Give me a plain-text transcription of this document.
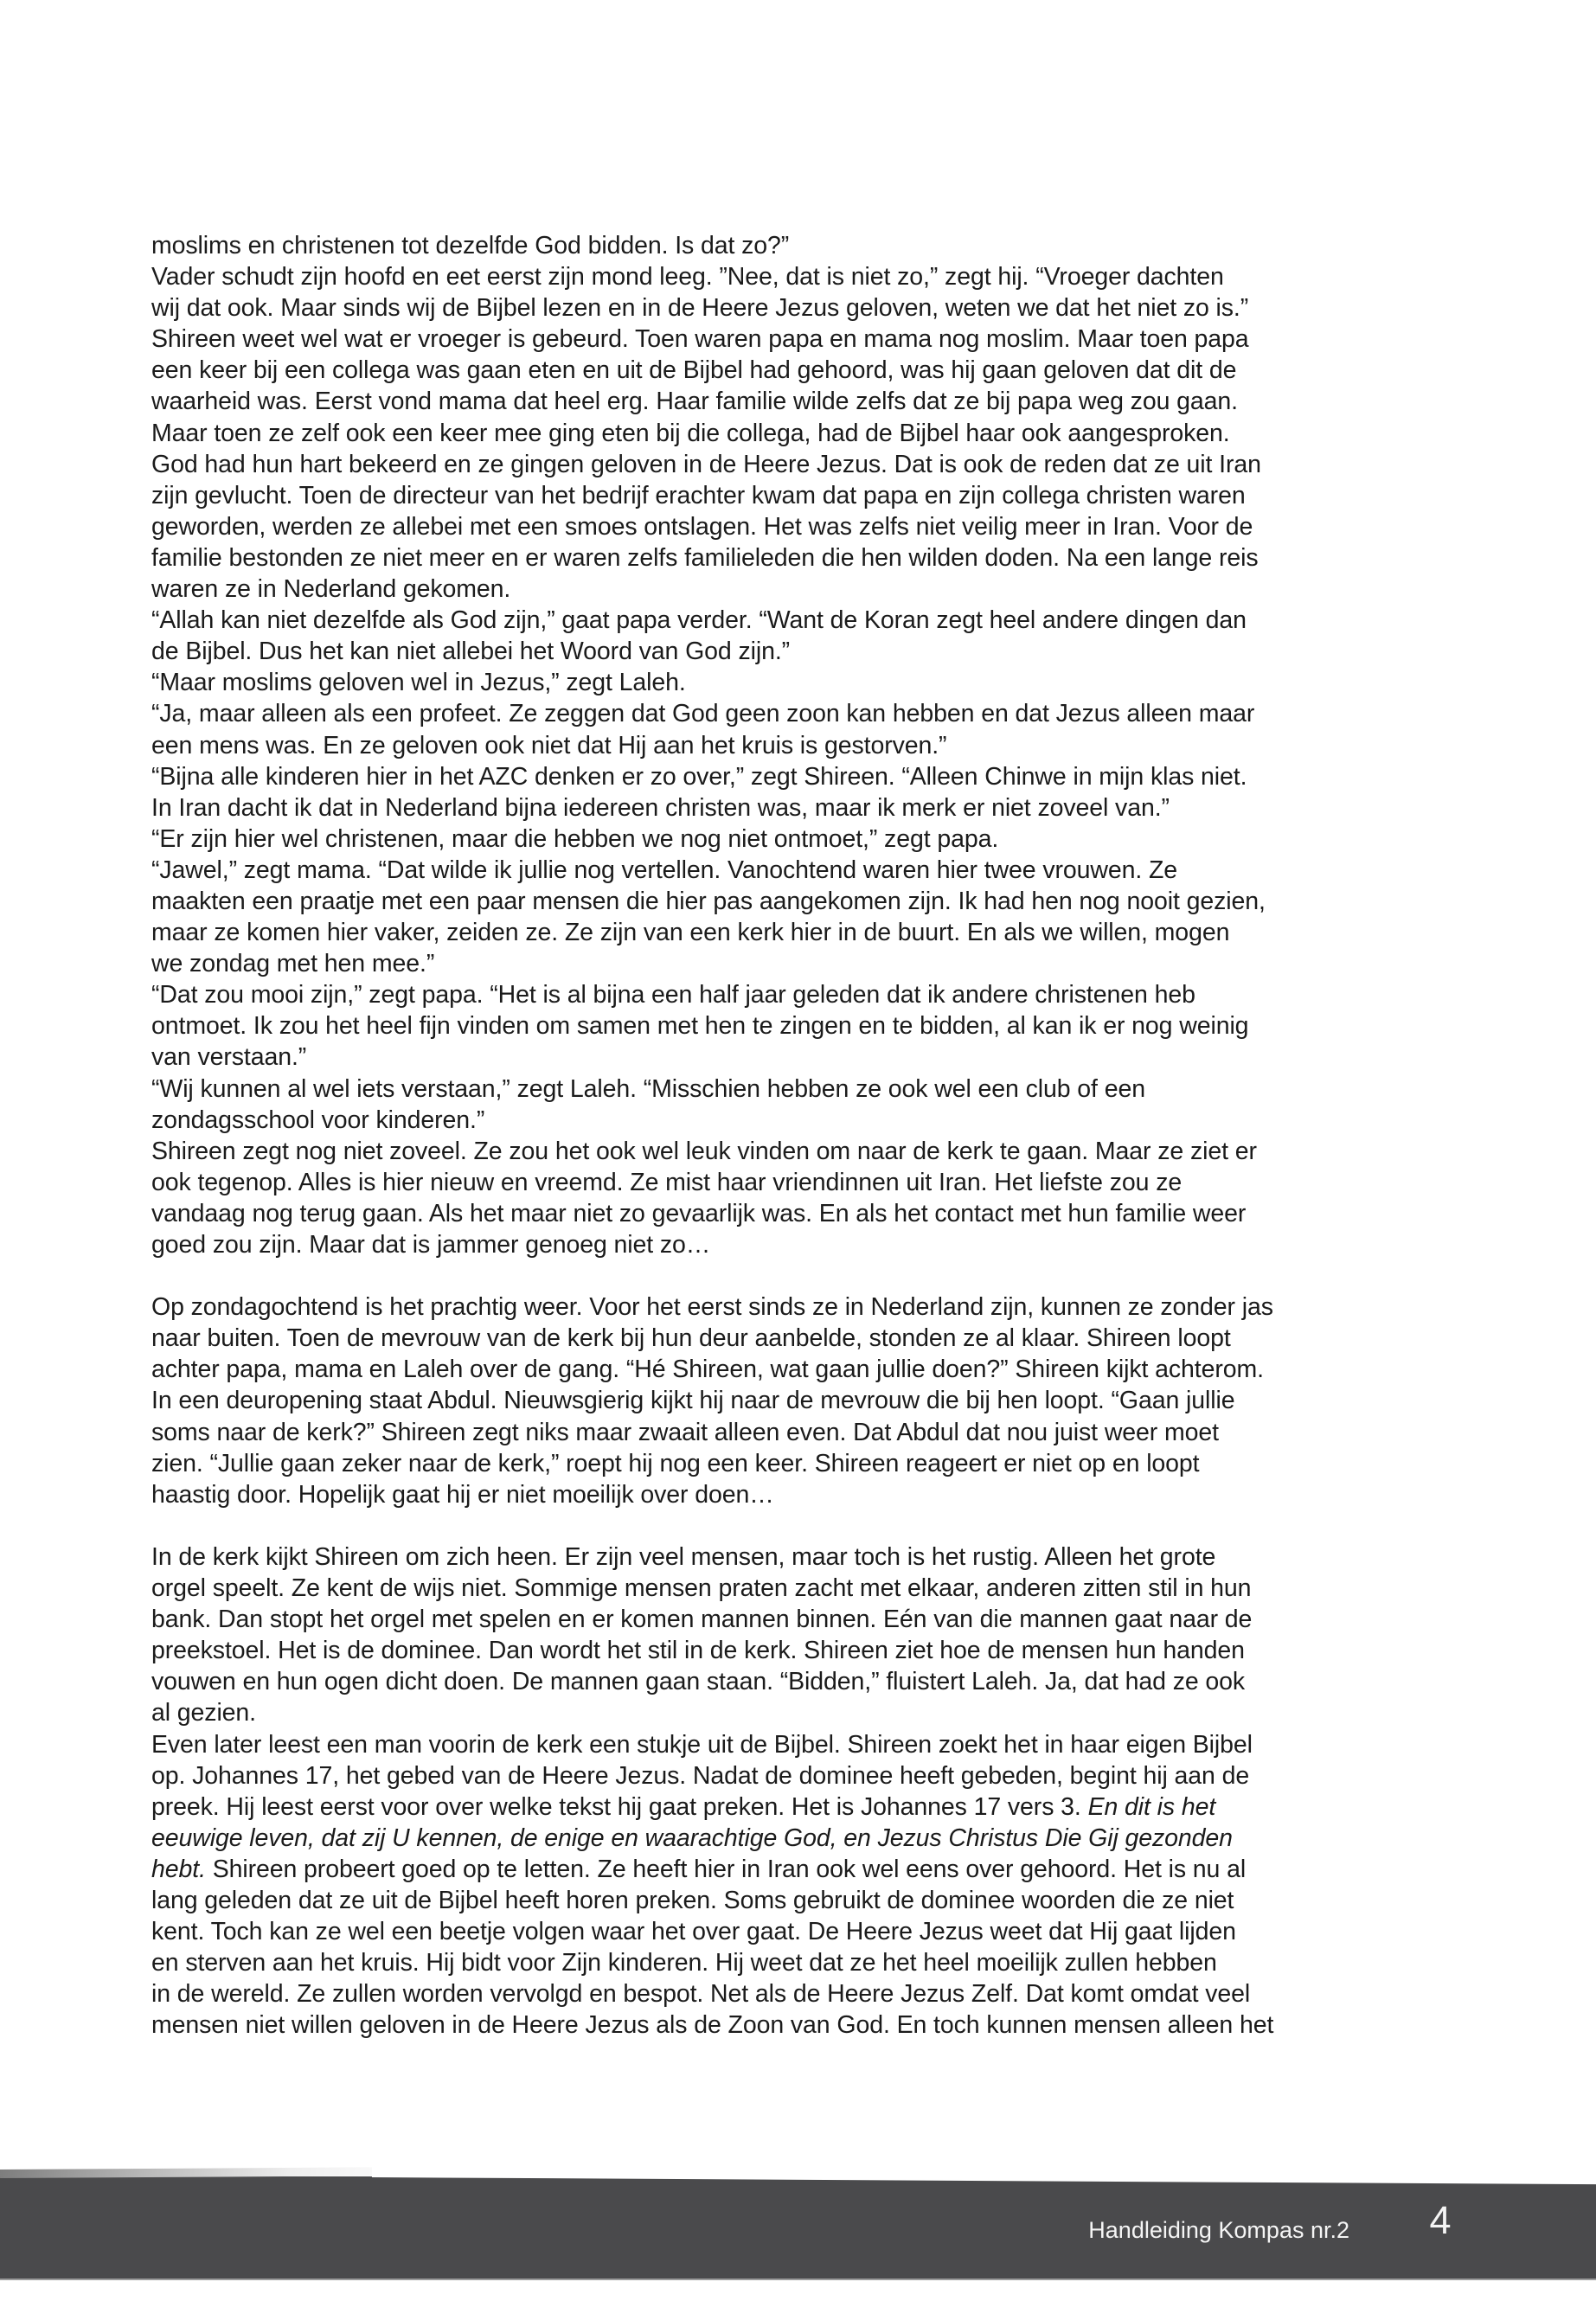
moslims en christenen tot dezelfde God bidden. Is dat zo?”
Vader schudt zijn hoofd en eet eerst zijn mond leeg. ”Nee, dat is niet zo,” zegt hij. “Vroeger dachten
wij dat ook. Maar sinds wij de Bijbel lezen en in de Heere Jezus geloven, weten we dat het niet zo is.”
Shireen weet wel wat er vroeger is gebeurd. Toen waren papa en mama nog moslim. Maar toen papa
een keer bij een collega was gaan eten en uit de Bijbel had gehoord, was hij gaan geloven dat dit de
waarheid was. Eerst vond mama dat heel erg. Haar familie wilde zelfs dat ze bij papa weg zou gaan.
Maar toen ze zelf ook een keer mee ging eten bij die collega, had de Bijbel haar ook aangesproken.
God had hun hart bekeerd en ze gingen geloven in de Heere Jezus. Dat is ook de reden dat ze uit Iran
zijn gevlucht. Toen de directeur van het bedrijf erachter kwam dat papa en zijn collega christen waren
geworden, werden ze allebei met een smoes ontslagen. Het was zelfs niet veilig meer in Iran. Voor de
familie bestonden ze niet meer en er waren zelfs familieleden die hen wilden doden. Na een lange reis
waren ze in Nederland gekomen.
“Allah kan niet dezelfde als God zijn,” gaat papa verder. “Want de Koran zegt heel andere dingen dan
de Bijbel. Dus het kan niet allebei het Woord van God zijn.”
“Maar moslims geloven wel in Jezus,” zegt Laleh.
“Ja, maar alleen als een profeet. Ze zeggen dat God geen zoon kan hebben en dat Jezus alleen maar
een mens was. En ze geloven ook niet dat Hij aan het kruis is gestorven.”
“Bijna alle kinderen hier in het AZC denken er zo over,” zegt Shireen. “Alleen Chinwe in mijn klas niet.
In Iran dacht ik dat in Nederland bijna iedereen christen was, maar ik merk er niet zoveel van.”
“Er zijn hier wel christenen, maar die hebben we nog niet ontmoet,” zegt papa.
“Jawel,” zegt mama. “Dat wilde ik jullie nog vertellen. Vanochtend waren hier twee vrouwen. Ze
maakten een praatje met een paar mensen die hier pas aangekomen zijn. Ik had hen nog nooit gezien,
maar ze komen hier vaker, zeiden ze. Ze zijn van een kerk hier in de buurt. En als we willen, mogen
we zondag met hen mee.”
“Dat zou mooi zijn,” zegt papa. “Het is al bijna een half jaar geleden dat ik andere christenen heb
ontmoet. Ik zou het heel fijn vinden om samen met hen te zingen en te bidden, al kan ik er nog weinig
van verstaan.”
“Wij kunnen al wel iets verstaan,” zegt Laleh. “Misschien hebben ze ook wel een club of een
zondagsschool voor kinderen.”
Shireen zegt nog niet zoveel. Ze zou het ook wel leuk vinden om naar de kerk te gaan. Maar ze ziet er
ook tegenop. Alles is hier nieuw en vreemd. Ze mist haar vriendinnen uit Iran. Het liefste zou ze
vandaag nog terug gaan. Als het maar niet zo gevaarlijk was. En als het contact met hun familie weer
goed zou zijn. Maar dat is jammer genoeg niet zo…

Op zondagochtend is het prachtig weer. Voor het eerst sinds ze in Nederland zijn, kunnen ze zonder jas
naar buiten. Toen de mevrouw van de kerk bij hun deur aanbelde, stonden ze al klaar. Shireen loopt
achter papa, mama en Laleh over de gang. “Hé Shireen, wat gaan jullie doen?” Shireen kijkt achterom.
In een deuropening staat Abdul. Nieuwsgierig kijkt hij naar de mevrouw die bij hen loopt. “Gaan jullie
soms naar de kerk?” Shireen zegt niks maar zwaait alleen even. Dat Abdul dat nou juist weer moet
zien. “Jullie gaan zeker naar de kerk,” roept hij nog een keer. Shireen reageert er niet op en loopt
haastig door. Hopelijk gaat hij er niet moeilijk over doen…

In de kerk kijkt Shireen om zich heen. Er zijn veel mensen, maar toch is het rustig. Alleen het grote
orgel speelt. Ze kent de wijs niet. Sommige mensen praten zacht met elkaar, anderen zitten stil in hun
bank. Dan stopt het orgel met spelen en er komen mannen binnen. Eén van die mannen gaat naar de
preekstoel. Het is de dominee. Dan wordt het stil in de kerk. Shireen ziet hoe de mensen hun handen
vouwen en hun ogen dicht doen. De mannen gaan staan. “Bidden,” fluistert Laleh. Ja, dat had ze ook
al gezien.
Even later leest een man voorin de kerk een stukje uit de Bijbel. Shireen zoekt het in haar eigen Bijbel
op. Johannes 17, het gebed van de Heere Jezus. Nadat de dominee heeft gebeden, begint hij aan de
preek. Hij leest eerst voor over welke tekst hij gaat preken. Het is Johannes 17 vers 3. En dit is het
eeuwige leven, dat zij U kennen, de enige en waarachtige God, en Jezus Christus Die Gij gezonden
hebt. Shireen probeert goed op te letten. Ze heeft hier in Iran ook wel eens over gehoord. Het is nu al
lang geleden dat ze uit de Bijbel heeft horen preken. Soms gebruikt de dominee woorden die ze niet
kent. Toch kan ze wel een beetje volgen waar het over gaat. De Heere Jezus weet dat Hij gaat lijden
en sterven aan het kruis. Hij bidt voor Zijn kinderen. Hij weet dat ze het heel moeilijk zullen hebben
in de wereld. Ze zullen worden vervolgd en bespot. Net als de Heere Jezus Zelf. Dat komt omdat veel
mensen niet willen geloven in de Heere Jezus als de Zoon van God. En toch kunnen mensen alleen het
Handleiding Kompas nr.2 4
